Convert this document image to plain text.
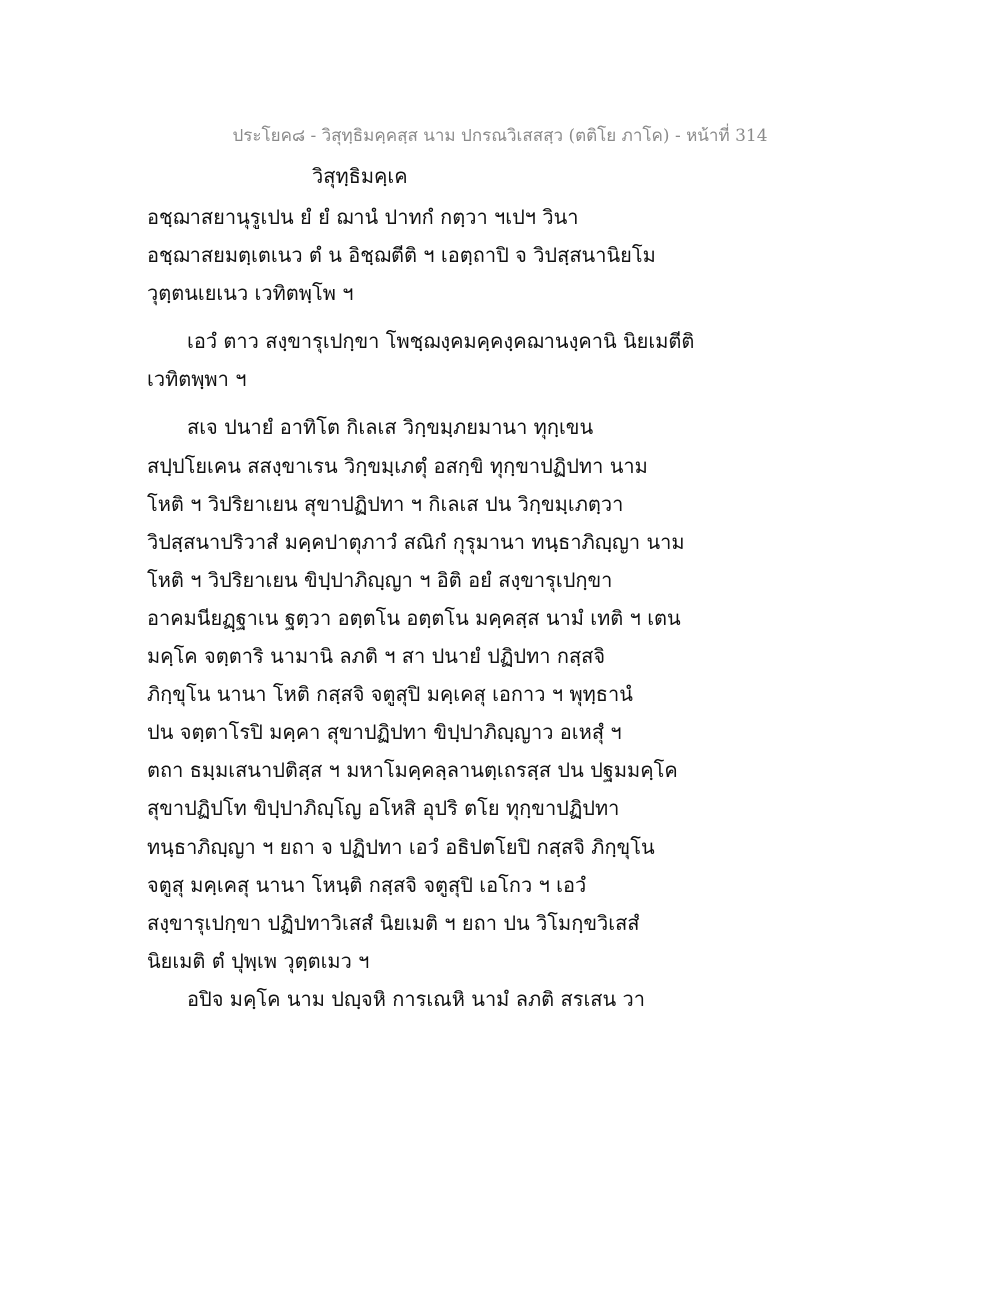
ประโยค๘ - วิสุทฺธิมคฺคสฺส นาม ปกรณวิเสสสฺว (ตติโย ภาโค) - หน้าที่ 314
วิสุทฺธิมคฺเค
อชฺฌาสยานุรูเปน ยํ ยํ ฌานํ ปาทกํ กตฺวา ฯเปฯ วินา
อชฺฌาสยมตฺเตเนว ตํ น อิชฺฌตีติ ฯ เอตฺถาปิ จ วิปสฺสนานิยโม
วุตฺตนเยเนว เวทิตพฺโพ ฯ
เอวํ ตาว สงฺขารุเปกฺขา โพชฺฌงฺคมคฺคงฺคฌานงฺคานิ นิยเมตีติ
เวทิตพฺพา ฯ
สเจ ปนายํ อาทิโต กิเลเส วิกฺขมฺภยมานา ทุกฺเขน
สปฺปโยเคน สสงฺขาเรน วิกฺขมฺเภตุํ อสกฺขิ ทุกฺขาปฏิปทา นาม
โหติ ฯ วิปริยาเยน สุขาปฏิปทา ฯ กิเลเส ปน วิกฺขมฺเภตฺวา
วิปสฺสนาปริวาสํ มคฺคปาตุภาวํ สณิกํ กุรุมานา ทนฺธาภิญฺญา นาม
โหติ ฯ วิปริยาเยน ขิปฺปาภิญฺญา ฯ อิติ อยํ สงฺขารุเปกฺขา
อาคมนียฏฺฐาเน ฐตฺวา อตฺตโน อตฺตโน มคฺคสฺส นามํ เทติ ฯ เตน
มคฺโค จตฺตาริ นามานิ ลภติ ฯ สา ปนายํ ปฏิปทา กสฺสจิ
ภิกฺขุโน นานา โหติ กสฺสจิ จตูสุปิ มคฺเคสุ เอกาว ฯ พุทฺธานํ
ปน จตฺตาโรปิ มคฺคา สุขาปฏิปทา ขิปฺปาภิญฺญาว อเหสุํ ฯ
ตถา ธมฺมเสนาปติสฺส ฯ มหาโมคฺคลฺลานตฺเถรสฺส ปน ปฐมมคฺโค
สุขาปฏิปโท ขิปฺปาภิญฺโญ อโหสิ อุปริ ตโย ทุกฺขาปฏิปทา
ทนฺธาภิญฺญา ฯ ยถา จ ปฏิปทา เอวํ อธิปตโยปิ กสฺสจิ ภิกฺขุโน
จตูสุ มคฺเคสุ นานา โหนฺติ กสฺสจิ จตูสุปิ เอโกว ฯ เอวํ
สงฺขารุเปกฺขา ปฏิปทาวิเสสํ นิยเมติ ฯ ยถา ปน วิโมกฺขวิเสสํ
นิยเมติ ตํ ปุพฺเพ วุตฺตเมว ฯ
อปิจ มคฺโค นาม ปญฺจหิ การเณหิ นามํ ลภติ สรเสน วา
